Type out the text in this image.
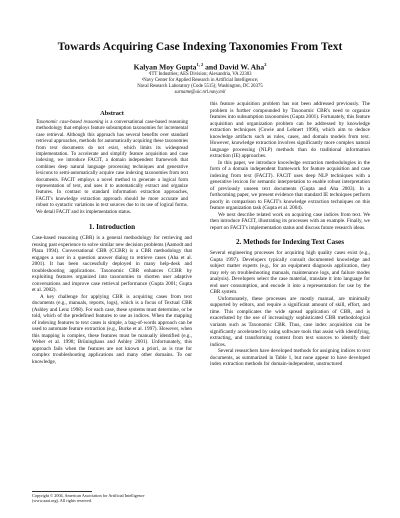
Towards Acquiring Case Indexing Taxonomies From Text
Kalyan Moy Gupta$^{1, 2}$ and David W. Aha$^2$
¹ITT Industries; AES Division; Alexandria, VA 22303
²Navy Center for Applied Research in Artificial Intelligence;
Naval Research Laboratory (Code 5515); Washington, DC 20375
surname@aic.nrl.navy.mil
Abstract

Taxonomic case-based reasoning is a conversational case-based reasoning methodology that employs feature subsumption taxonomies for incremental case retrieval. Although this approach has several benefits over standard retrieval approaches, methods for automatically acquiring these taxonomies from text documents do not exist, which limits its widespread implementation. To accelerate and simplify feature acquisition and case indexing, we introduce FACIT, a domain independent framework that combines deep natural language processing techniques and generative lexicons to semi-automatically acquire case indexing taxonomies from text documents. FACIT employs a novel method to generate a logical form representation of text, and uses it to automatically extract and organize features. In contrast to standard information extraction approaches, FACIT's knowledge extraction approach should be more accurate and robust to syntactic variations in text sources due to its use of logical forms. We detail FACIT and its implementation status.

1. Introduction

Case-based reasoning (CBR) is a general methodology for retrieving and reusing past experience to solve similar new decision problems (Aamodt and Plaza 1994). Conversational CBR (CCBR) is a CBR methodology that engages a user in a question answer dialog to retrieve cases (Aha et al. 2001). It has been successfully deployed in many help-desk and troubleshooting applications. Taxonomic CBR enhances CCBR by exploiting features organized into taxonomies to shorten user adaptive conversations and improve case retrieval performance (Gupta 2001; Gupta et al. 2002).

A key challenge for applying CBR is acquiring cases from text documents (e.g., manuals, reports, logs), which is a focus of Textual CBR (Ashley and Lenz 1998). For each case, these systems must determine, or be told, which of the predefined features to use as indices. When the mapping of indexing features to text cases is simple, a bag-of-words approach can be used to automate feature extraction (e.g., Burke et al. 1997). However, when this mapping is complex, these features must be manually identified (e.g., Weber et al. 1998; Brüninghaus and Ashley 2001). Unfortunately, this approach fails when the features are not known a priori, as is true for complex troubleshooting applications and many other domains. To our knowledge,

this feature acquisition problem has not been addressed previously. The problem is further compounded by Taxonomic CBR's need to organize features into subsumption taxonomies (Gupta 2001). Fortunately, this feature acquisition and organization problem can be addressed by knowledge extraction techniques (Cowie and Lehnert 1996), which aim to deduce knowledge artifacts such as rules, cases, and domain models from text. However, knowledge extraction involves significantly more complex natural language processing (NLP) methods than do traditional information extraction (IE) approaches.

In this paper, we introduce knowledge extraction methodologies in the form of a domain independent framework for feature acquisition and case indexing from text (FACIT). FACIT uses deep NLP techniques with a generative lexicon for semantic interpretation to enable robust interpretation of previously unseen text documents (Gupta and Aha 2003). In a forthcoming paper, we present evidence that standard IE techniques perform poorly in comparison to FACIT's knowledge extraction techniques on this feature organization task (Gupta et al. 2004).

We next describe related work on acquiring case indices from text. We then introduce FACIT, illustrating its processes with an example. Finally, we report on FACIT's implementation status and discuss future research ideas.

2. Methods for Indexing Text Cases

Several engineering processes for acquiring high quality cases exist (e.g., Gupta 1997). Developers typically consult documented knowledge and subject matter experts (e.g., for an equipment diagnosis application, they may rely on troubleshooting manuals, maintenance logs, and failure modes analysis). Developers select the case material, translate it into language for end user consumption, and encode it into a representation for use by the CBR system.

Unfortunately, these processes are mostly manual, are minimally supported by editors, and require a significant amount of skill, effort, and time. This complicates the wide spread application of CBR, and is exacerbated by the use of increasingly sophisticated CBR methodological variants such as Taxonomic CBR. Thus, case index acquisition can be significantly accelerated by using software tools that assist with identifying, extracting, and transforming content from text sources to identify their indices.

Several researchers have developed methods for assigning indices to text documents, as summarized in Table 1, but none appear to have developed index extraction methods for domain-independent, unstructured

Copyright © 2004, American Association for Artificial Intelligence
(www.aaai.org). All rights reserved.
